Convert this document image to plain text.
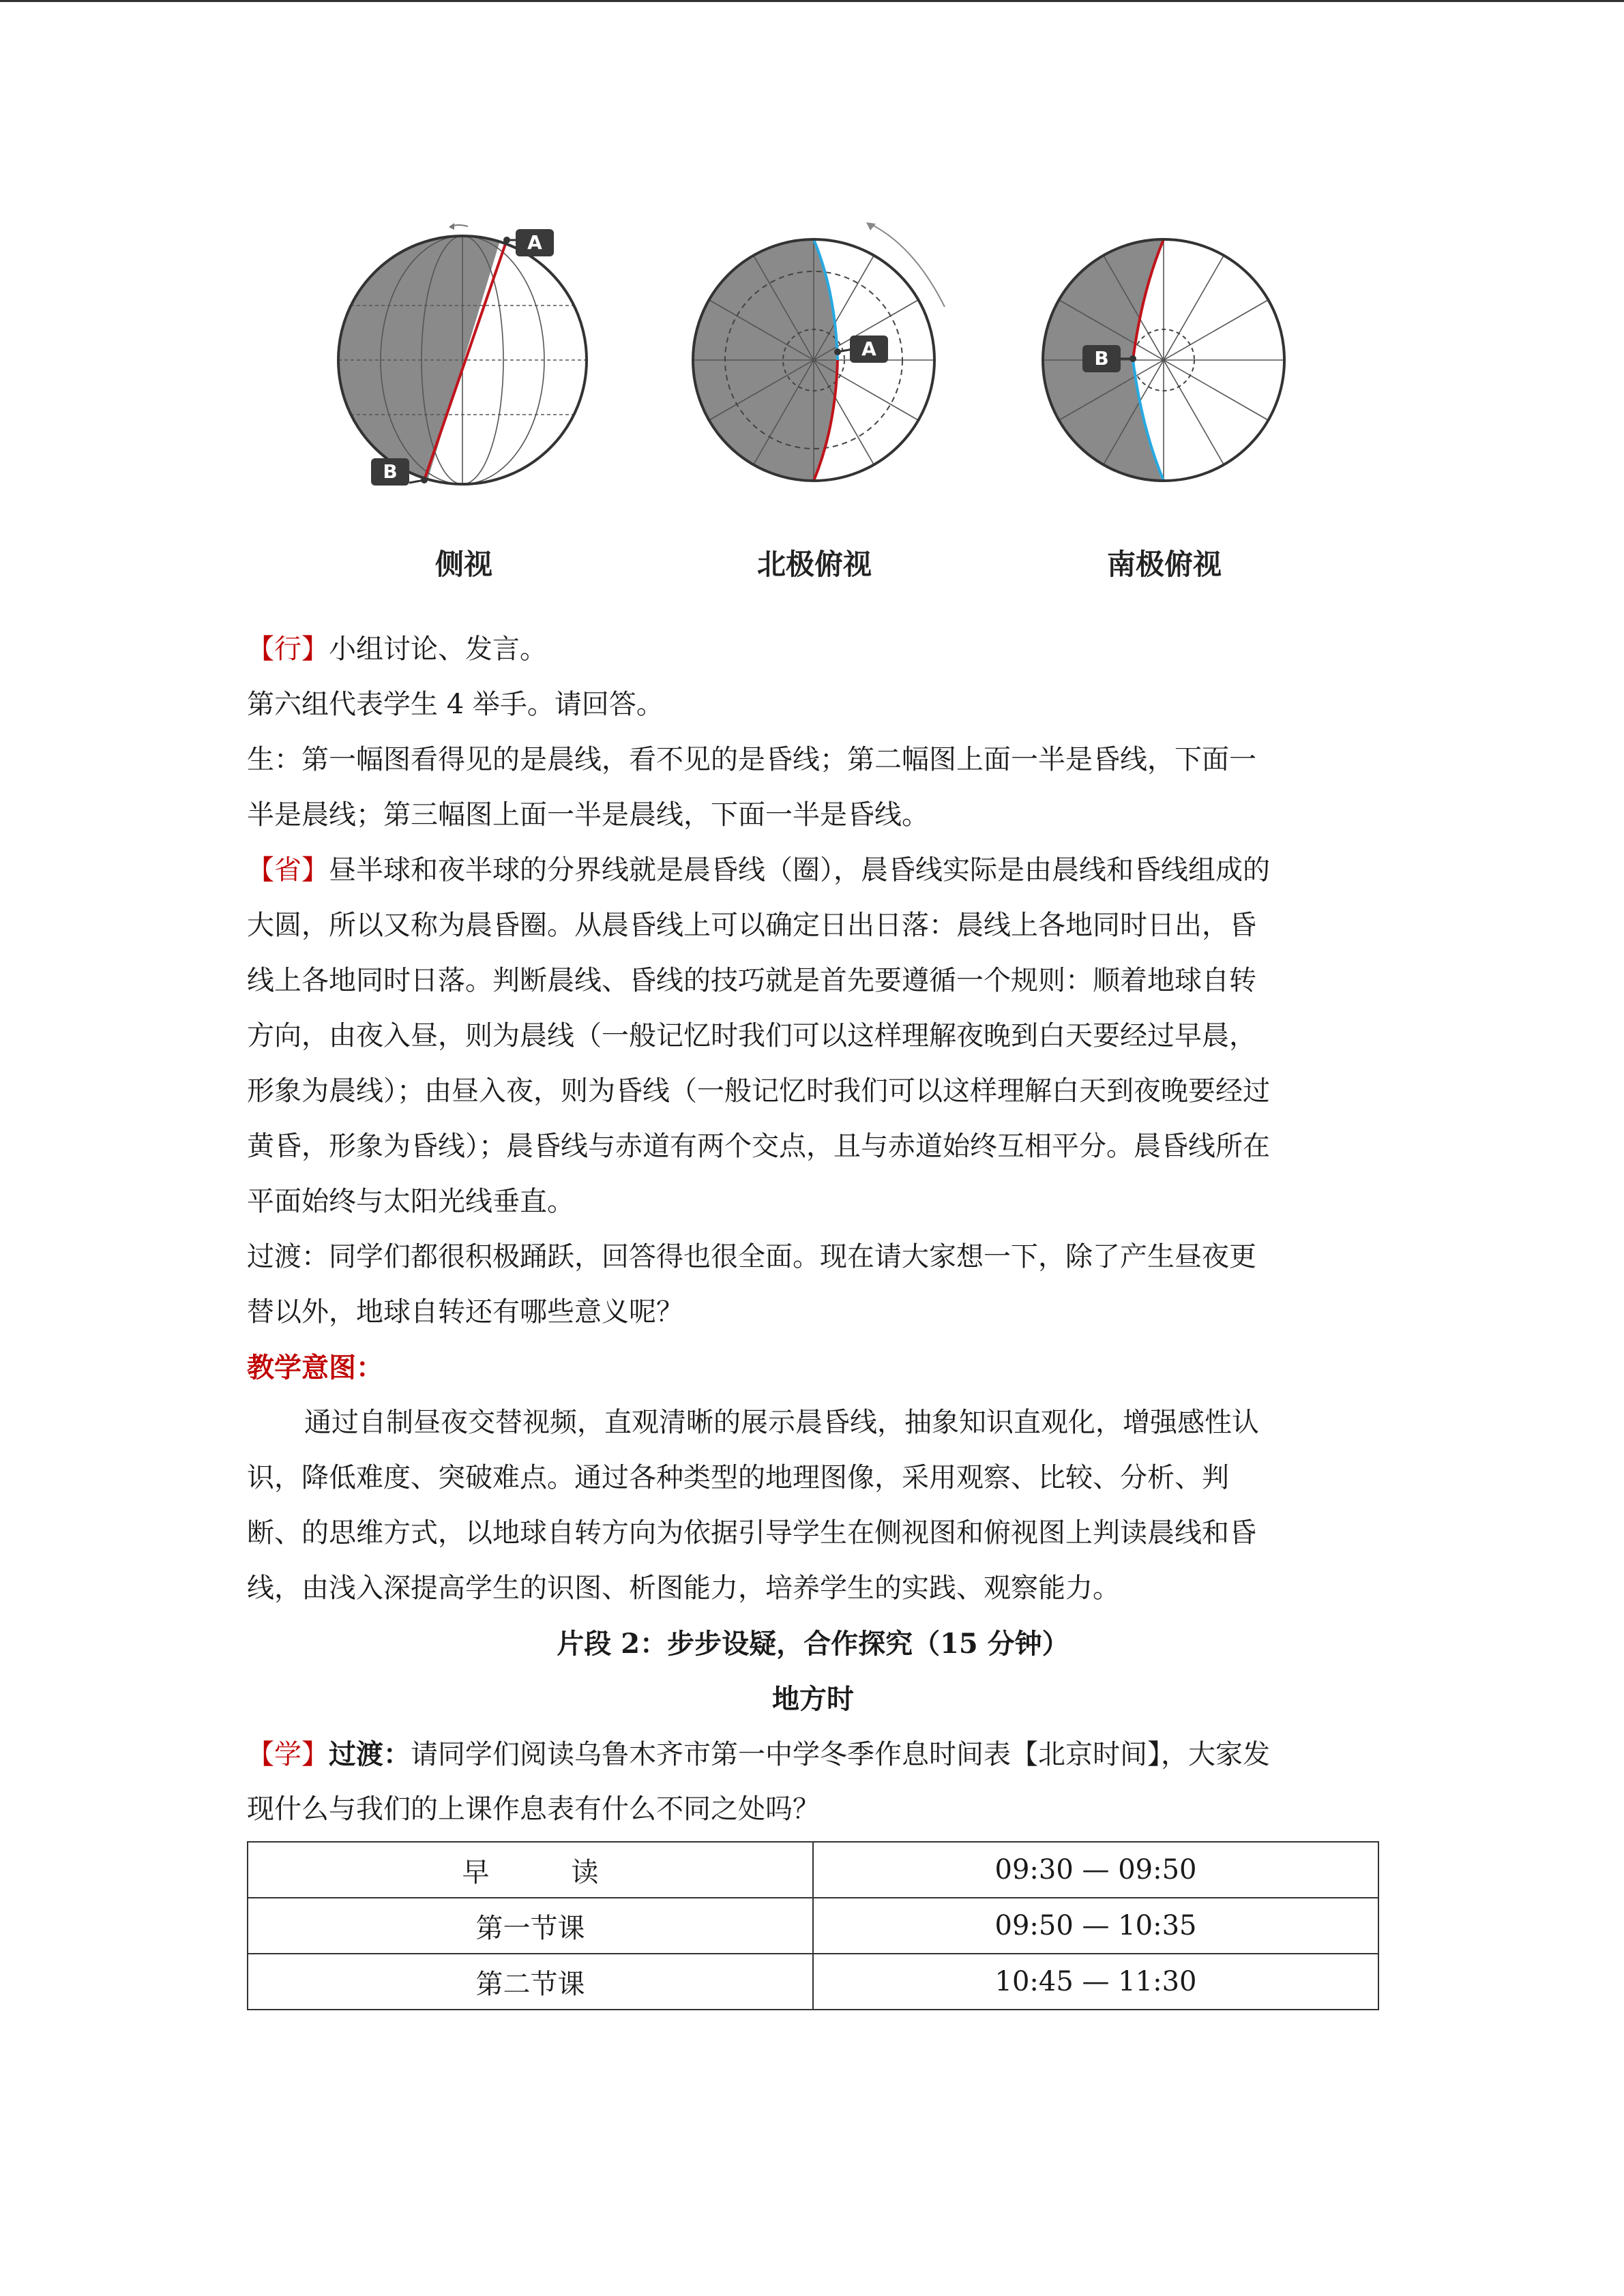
A
B
A	B
侧视	北极俯视	南极俯视
【行】小组讨论、发言。
第六组代表学生 4 举手。请回答。
生：第一幅图看得见的是晨线，看不见的是昏线；第二幅图上面一半是昏线，下面一
半是晨线；第三幅图上面一半是晨线，下面一半是昏线。
【省】昼半球和夜半球的分界线就是晨昏线（圈），晨昏线实际是由晨线和昏线组成的
大圆，所以又称为晨昏圈。从晨昏线上可以确定日出日落：晨线上各地同时日出，昏
线上各地同时日落。判断晨线、昏线的技巧就是首先要遵循一个规则：顺着地球自转
方向，由夜入昼，则为晨线（一般记忆时我们可以这样理解夜晚到白天要经过早晨，
形象为晨线）；由昼入夜，则为昏线（一般记忆时我们可以这样理解白天到夜晚要经过
黄昏，形象为昏线）；晨昏线与赤道有两个交点，且与赤道始终互相平分。晨昏线所在
平面始终与太阳光线垂直。
过渡：同学们都很积极踊跃，回答得也很全面。现在请大家想一下，除了产生昼夜更
替以外，地球自转还有哪些意义呢？
教学意图：
通过自制昼夜交替视频，直观清晰的展示晨昏线，抽象知识直观化，增强感性认
识，降低难度、突破难点。通过各种类型的地理图像，采用观察、比较、分析、判
断、的思维方式，以地球自转方向为依据引导学生在侧视图和俯视图上判读晨线和昏
线，由浅入深提高学生的识图、析图能力，培养学生的实践、观察能力。
片段 2：步步设疑，合作探究（15 分钟）
地方时
【学】过渡：请同学们阅读乌鲁木齐市第一中学冬季作息时间表【北京时间】，大家发
现什么与我们的上课作息表有什么不同之处吗？
早　　　读	09:30 — 09:50
第一节课	09:50 — 10:35
第二节课	10:45 — 11:30
